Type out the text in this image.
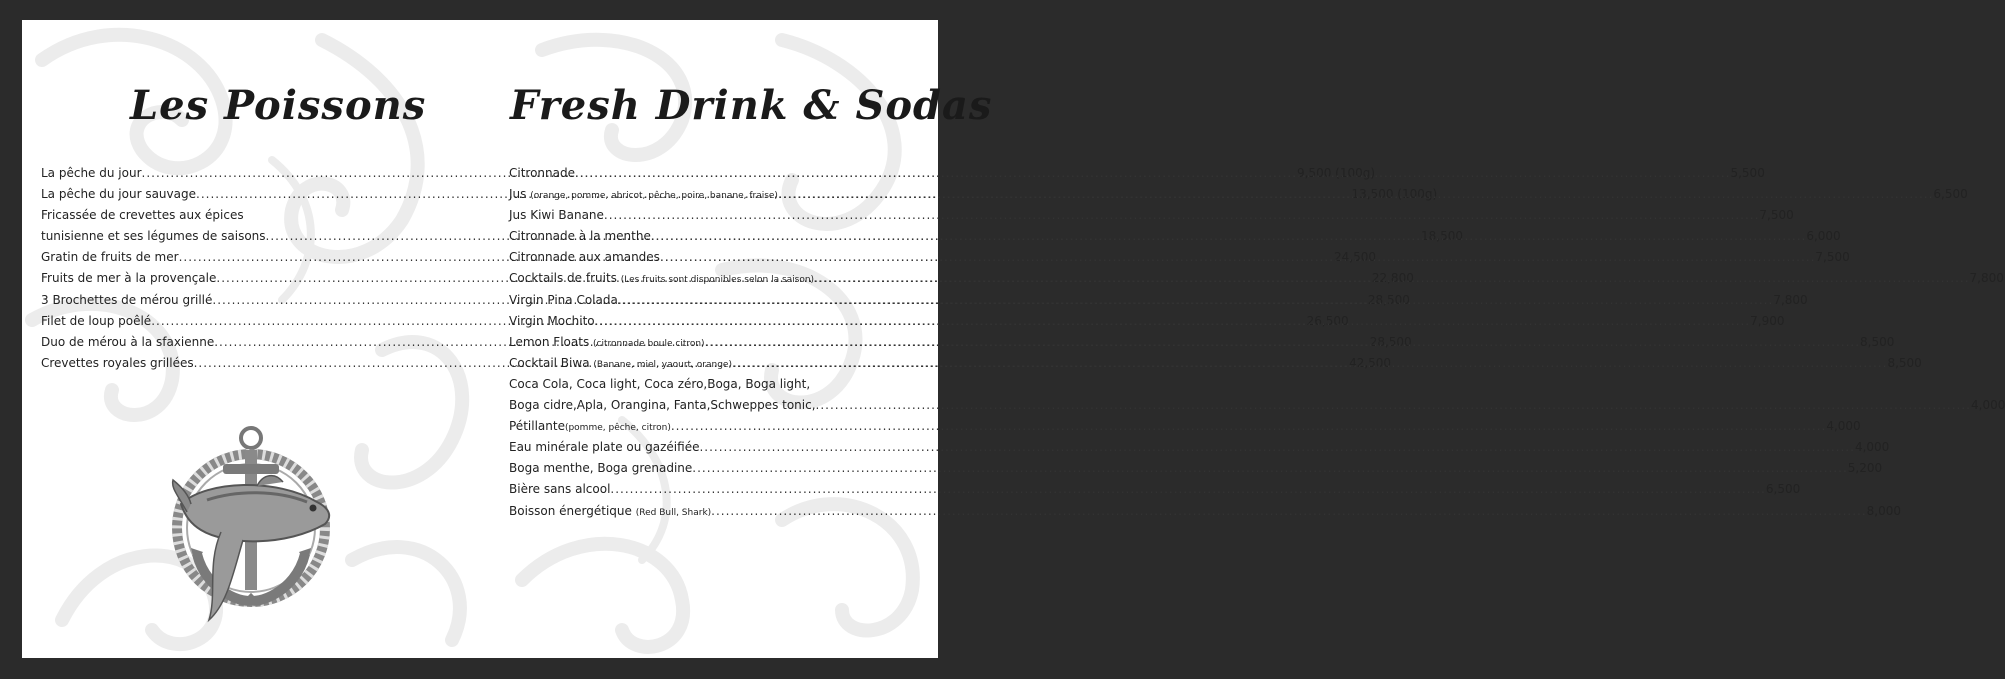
Les Poissons Fresh Drink & Sodas
La pêche du jour .....	9,500 (100g)
La pêche du jour sauvage .....	13,500 (100g)
Fricassée de crevettes aux épices
tunisienne et ses légumes de saisons .....	18,500
Gratin de fruits de mer .....	24,500
Fruits de mer à la provençale .....	22,800
3 Brochettes de mérou grillé .....	28,500
Filet de loup poêlé .....	26,500
Duo de mérou à la sfaxienne .....	28,500
Crevettes royales grillées .....	42,500
Citronnade .....	5,500
Jus (orange, pomme, abricot, pêche, poire, banane, fraise) .....	6,500
Jus Kiwi Banane .....	7,500
Citronnade à la menthe .....	6,000
Citronnade aux amandes .....	7,500
Cocktails de fruits (Les fruits sont disponibles selon la saison) .....	7,800
Virgin Pina Colada .....	7,800
Virgin Mochito .....	7,900
Lemon Floats (citronnade boule citron) .....	8,500
Cocktail Biwa (Banane, miel, yaourt, orange) .....	8,500
Coca Cola, Coca light, Coca zéro,Boga, Boga light,
Boga cidre,Apla, Orangina, Fanta,Schweppes tonic, .....	4,000
Pétillante(pomme, pêche, citron) .....	4,000
Eau minérale plate ou gazéifiée .....	4,000
Boga menthe, Boga grenadine .....	5,200
Bière sans alcool .....	6,500
Boisson énergétique (Red Bull, Shark) .....	8,000
